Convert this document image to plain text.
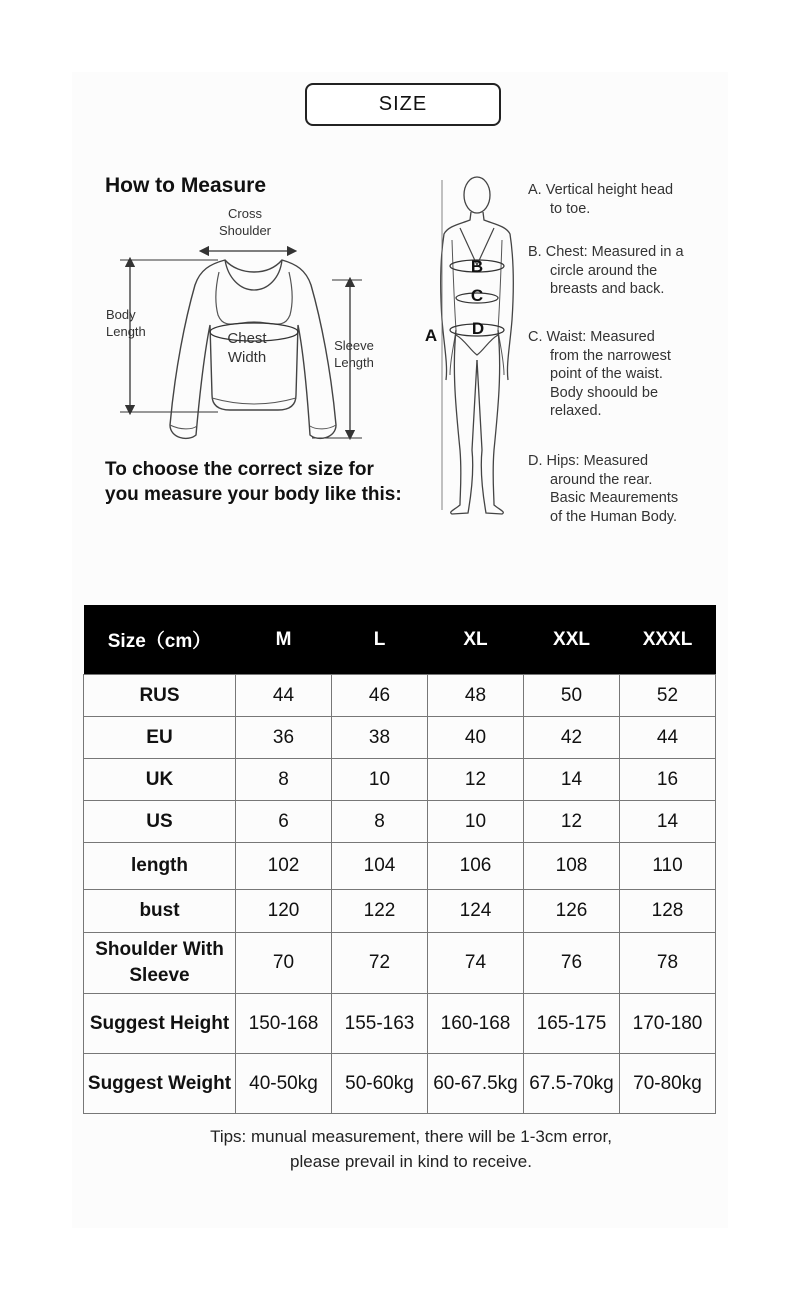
SIZE
How to Measure
Cross
Shoulder
Body
Length	Chest
Width
Sleeve
Length
To choose the correct size for
you measure your body like this:
B
C
D
A
A. Vertical height head
to toe.
B. Chest: Measured in a
circle around the
breasts and back.
C. Waist: Measured
from the narrowest
point of the waist.
Body shoould be
relaxed.
D. Hips: Measured
around the rear.
Basic Meaurements
of the Human Body.
Size（cm）	M	L	XL	XXL	XXXL
RUS	44	46	48	50	52
EU	36	38	40	42	44
UK	8	10	12	14	16
US	6	8	10	12	14
length	102	104	106	108	110
bust	120	122	124	126	128
Shoulder With Sleeve	70	72	74	76	78
Suggest Height	150-168	155-163	160-168	165-175	170-180
Suggest Weight	40-50kg	50-60kg	60-67.5kg	67.5-70kg	70-80kg
Tips: munual measurement, there will be 1-3cm error,
please prevail in kind to receive.
